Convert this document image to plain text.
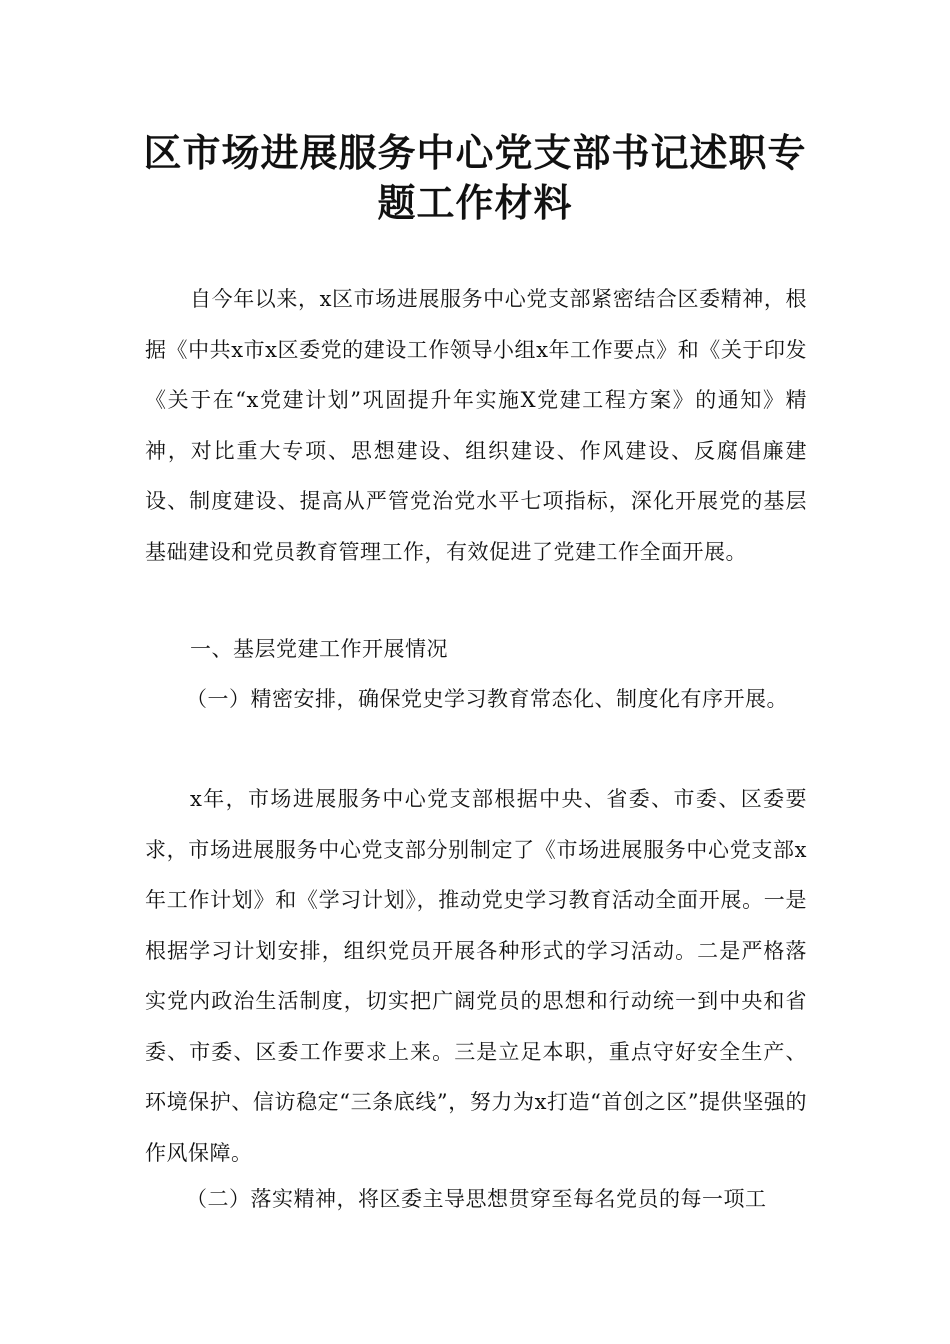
区市场进展服务中心党支部书记述职专
题工作材料

自今年以来，x区市场进展服务中心党支部紧密结合区委精神，根据《中共x市x区委党的建设工作领导小组x年工作要点》和《关于印发《关于在“x党建计划”巩固提升年实施X党建工程方案》的通知》精神，对比重大专项、思想建设、组织建设、作风建设、反腐倡廉建设、制度建设、提高从严管党治党水平七项指标，深化开展党的基层基础建设和党员教育管理工作，有效促进了党建工作全面开展。

一、基层党建工作开展情况

（一）精密安排，确保党史学习教育常态化、制度化有序开展。

x年，市场进展服务中心党支部根据中央、省委、市委、区委要求，市场进展服务中心党支部分别制定了《市场进展服务中心党支部x年工作计划》和《学习计划》，推动党史学习教育活动全面开展。一是根据学习计划安排，组织党员开展各种形式的学习活动。二是严格落实党内政治生活制度，切实把广阔党员的思想和行动统一到中央和省委、市委、区委工作要求上来。三是立足本职，重点守好安全生产、环境保护、信访稳定“三条底线”，努力为x打造“首创之区”提供坚强的作风保障。

（二）落实精神，将区委主导思想贯穿至每名党员的每一项工
